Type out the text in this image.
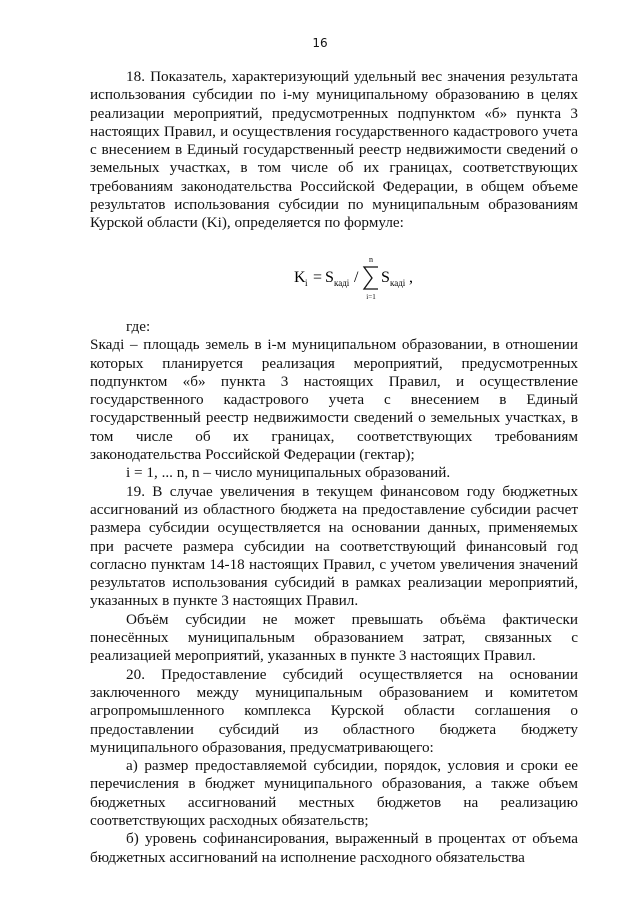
16

18. Показатель, характеризующий удельный вес значения результата использования субсидии по i-му муниципальному образованию в целях реализации мероприятий, предусмотренных подпунктом «б» пункта 3 настоящих Правил, и осуществления государственного кадастрового учета с внесением в Единый государственный реестр недвижимости сведений о земельных участках, в том числе об их границах, соответствующих требованиям законодательства Российской Федерации, в общем объеме результатов использования субсидии по муниципальным образованиям Курской области (Ki), определяется по формуле:

K i = S кадi /
n
i=1
S кадi ,

где:

Sкадi – площадь земель в i-м муниципальном образовании, в отношении которых планируется реализация мероприятий, предусмотренных подпунктом «б» пункта 3 настоящих Правил, и осуществление государственного кадастрового учета с внесением в Единый государственный реестр недвижимости сведений о земельных участках, в том числе об их границах, соответствующих требованиям законодательства Российской Федерации (гектар);

i = 1, ... n, n – число муниципальных образований.

19. В случае увеличения в текущем финансовом году бюджетных ассигнований из областного бюджета на предоставление субсидии расчет размера субсидии осуществляется на основании данных, применяемых при расчете размера субсидии на соответствующий финансовый год согласно пунктам 14-18 настоящих Правил, с учетом увеличения значений результатов использования субсидий в рамках реализации мероприятий, указанных в пункте 3 настоящих Правил.

Объём субсидии не может превышать объёма фактически понесённых муниципальным образованием затрат, связанных с реализацией мероприятий, указанных в пункте 3 настоящих Правил.

20. Предоставление субсидий осуществляется на основании заключенного между муниципальным образованием и комитетом агропромышленного комплекса Курской области соглашения о предоставлении субсидий из областного бюджета бюджету муниципального образования, предусматривающего:

а) размер предоставляемой субсидии, порядок, условия и сроки ее перечисления в бюджет муниципального образования, а также объем бюджетных ассигнований местных бюджетов на реализацию соответствующих расходных обязательств;

б) уровень софинансирования, выраженный в процентах от объема бюджетных ассигнований на исполнение расходного обязательства
